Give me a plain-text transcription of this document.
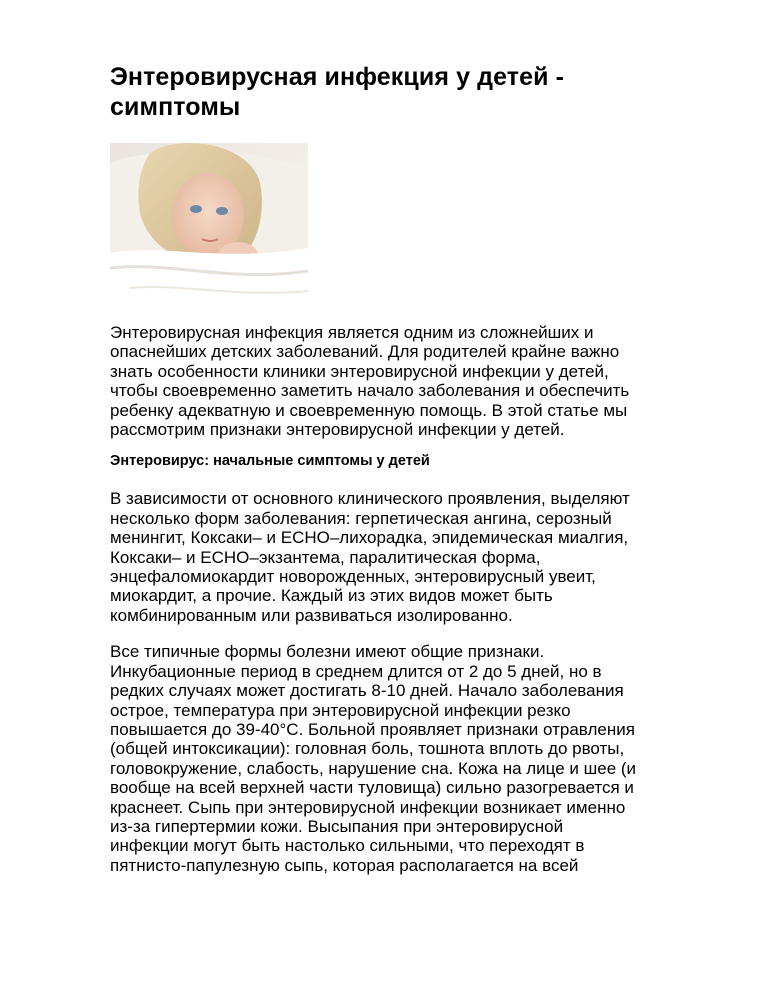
Энтеровирусная инфекция у детей -
симптомы

Энтеровирусная инфекция является одним из сложнейших и
опаснейших детских заболеваний. Для родителей крайне важно
знать особенности клиники энтеровирусной инфекции у детей,
чтобы своевременно заметить начало заболевания и обеспечить
ребенку адекватную и своевременную помощь. В этой статье мы
рассмотрим признаки энтеровирусной инфекции у детей.

Энтеровирус: начальные симптомы у детей

В зависимости от основного клинического проявления, выделяют
несколько форм заболевания: герпетическая ангина, серозный
менингит, Коксаки– и ЕСНО–лихорадка, эпидемическая миалгия,
Коксаки– и ЕСНО–экзантема, паралитическая форма,
энцефаломиокардит новорожденных, энтеровирусный увеит,
миокардит, а прочие. Каждый из этих видов может быть
комбинированным или развиваться изолированно.

Все типичные формы болезни имеют общие признаки.
Инкубационные период в среднем длится от 2 до 5 дней, но в
редких случаях может достигать 8-10 дней. Начало заболевания
острое, температура при энтеровирусной инфекции резко
повышается до 39-40°С. Больной проявляет признаки отравления
(общей интоксикации): головная боль, тошнота вплоть до рвоты,
головокружение, слабость, нарушение сна. Кожа на лице и шее (и
вообще на всей верхней части туловища) сильно разогревается и
краснеет. Сыпь при энтеровирусной инфекции возникает именно
из-за гипертермии кожи. Высыпания при энтеровирусной
инфекции могут быть настолько сильными, что переходят в
пятнисто-папулезную сыпь, которая располагается на всей
